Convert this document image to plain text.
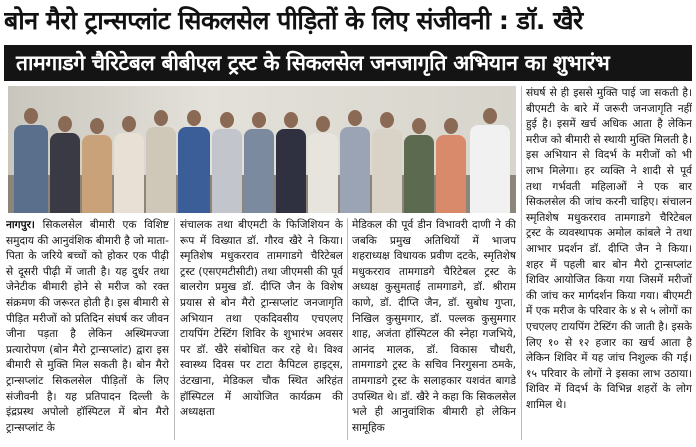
बोन मैरो ट्रान्सप्लांट सिकलसेल पीड़ितों के लिए संजीवनी : डॉ. खैरे
तामगाडगे चैरिटेबल बीबीएल ट्रस्ट के सिकलसेल जनजागृति अभियान का शुभारंभ

नागपुर। सिकलसेल बीमारी एक विशिष्ट समुदाय की आनुवंशिक बीमारी है जो माता-पिता के जरिये बच्चों को होकर एक पीढ़ी से दूसरी पीढ़ी में जाती है। यह दुर्धर तथा जेनेटीक बीमारी होने से मरीज को रक्त संक्रमण की जरूरत होती है। इस बीमारी से पीड़ित मरीजों को प्रतिदिन संघर्ष कर जीवन जीना पड़ता है लेकिन अस्थिमज्जा प्रत्यारोपण (बोन मैरो ट्रान्सप्लांट) द्वारा इस बीमारी से मुक्ति मिल सकती है। बोन मैरो ट्रान्सप्लांट सिकलसेल पीड़ितों के लिए संजीवनी है। यह प्रतिपादन दिल्ली के इंद्रप्रस्थ अपोलो हॉस्पिटल में बोन मैरो ट्रान्सप्लांट के

संचालक तथा बीएमटी के फिजिशियन के रूप में विख्यात डॉ. गौरव खैरे ने किया। स्मृतिशेष मधुकरराव तामगाडगे चैरिटेबल ट्रस्ट (एसएमटीसीटी) तथा जीएमसी की पूर्व बालरोग प्रमुख डॉ. दीप्ति जैन के विशेष प्रयास से बोन मैरो ट्रान्सप्लांट जनजागृति अभियान तथा एकदिवसीय एचएलए टायपिंग टेस्टिंग शिविर के शुभारंभ अवसर पर डॉ. खैरे संबोधित कर रहे थे। विश्व स्वास्थ्य दिवस पर टाटा कैपिटल हाइट्स, उंटखाना, मेडिकल चौक स्थित अरिहंत हॉस्पिटल में आयोजित कार्यक्रम की अध्यक्षता

मेडिकल की पूर्व डीन विभावरी दाणी ने की जबकि प्रमुख अतिथियों में भाजप शहराध्यक्ष विधायक प्रवीण दटके, स्मृतिशेष मधुकरराव तामगाडगे चैरिटेबल ट्रस्ट के अध्यक्ष कुसुमताई तामगाडगे, डॉ. श्रीराम काणे, डॉ. दीप्ति जैन, डॉ. सुबोध गुप्ता, निखिल कुसुमगार, डॉ. पल्लक कुसुमगार शाह, अजंता हॉस्पिटल की स्नेहा गजभिये, आनंद मालक, डॉ. विकास चौधरी, तामगाडगे ट्रस्ट के सचिव निरगुसना ठमके, तामगाडगे ट्रस्ट के सलाहकार यशवंत बागडे उपस्थित थे। डॉ. खैरे ने कहा कि सिकलसेल भले ही आनुवांशिक बीमारी हो लेकिन सामूहिक

संघर्ष से ही इससे मुक्ति पाई जा सकती है। बीएमटी के बारे में जरूरी जनजागृति नहीं हुई है। इसमें खर्च अधिक आता है लेकिन मरीज को बीमारी से स्थायी मुक्ति मिलती है। इस अभियान से विदर्भ के मरीजों को भी लाभ मिलेगा। हर व्यक्ति ने शादी से पूर्व तथा गर्भवती महिलाओं ने एक बार सिकलसेल की जांच करनी चाहिए। संचालन स्मृतिशेष मधुकरराव तामगाडगे चैरिटेबल ट्रस्ट के व्यवस्थापक अमोल कांबले ने तथा आभार प्रदर्शन डॉ. दीप्ति जैन ने किया। शहर में पहली बार बोन मैरो ट्रान्सप्लांट शिविर आयोजित किया गया जिसमें मरीजों की जांच कर मार्गदर्शन किया गया। बीएमटी में एक मरीज के परिवार के ४ से ५ लोगों का एचएलए टायपिंग टेस्टिंग की जाती है। इसके लिए १० से १२ हजार का खर्च आता है लेकिन शिविर में यह जांच निशुल्क की गई। १५ परिवार के लोगों ने इसका लाभ उठाया। शिविर में विदर्भ के विभिन्न शहरों के लोग शामिल थे।
